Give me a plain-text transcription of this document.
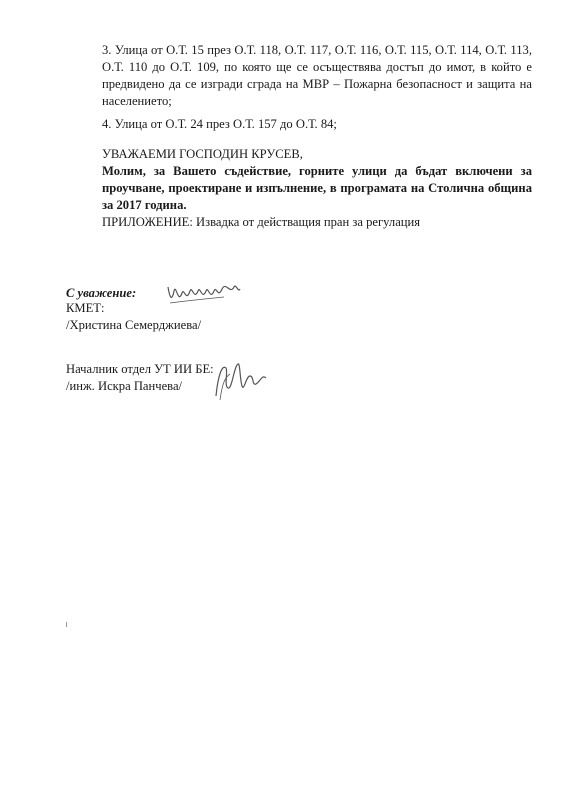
3. Улица от О.Т. 15 през О.Т. 118, О.Т. 117, О.Т. 116, О.Т. 115, О.Т. 114, О.Т. 113, О.Т. 110 до О.Т. 109, по която ще се осъществява достъп до имот, в който е предвидено да се изгради сграда на МВР – Пожарна безопасност и защита на населението;
4. Улица от О.Т. 24 през О.Т. 157 до О.Т. 84;
УВАЖАЕМИ ГОСПОДИН КРУСЕВ,
Молим, за Вашето съдействие, горните улици да бъдат включени за проучване, проектиране и изпълнение, в програмата на Столична община за 2017 година.
ПРИЛОЖЕНИЕ: Извадка от действащия пран за регулация
С уважение:
КМЕТ:
/Христина Семерджиева/
Началник отдел УТ ИИ БЕ:
/инж. Искра Панчева/
